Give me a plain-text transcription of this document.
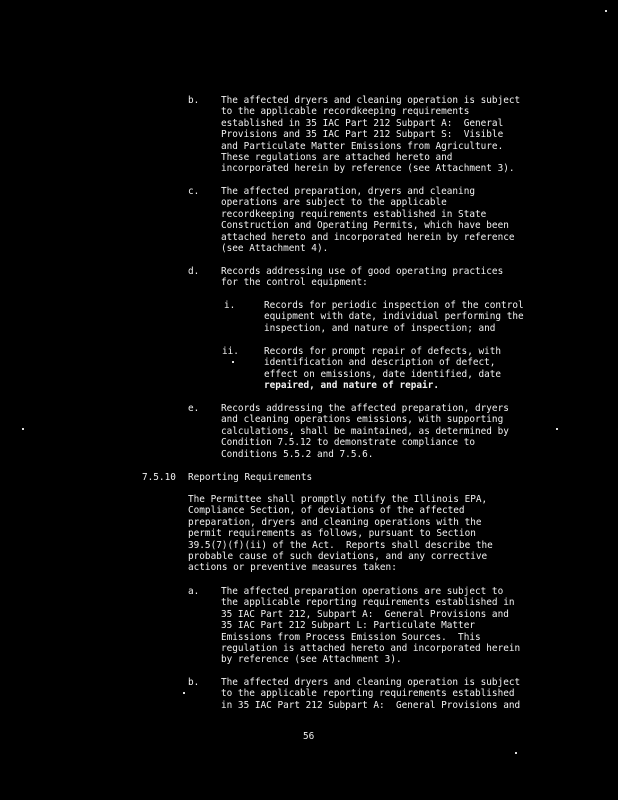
b. The affected dryers and cleaning operation is subject
to the applicable recordkeeping requirements
established in 35 IAC Part 212 Subpart A:  General
Provisions and 35 IAC Part 212 Subpart S:  Visible
and Particulate Matter Emissions from Agriculture.
These regulations are attached hereto and
incorporated herein by reference (see Attachment 3).
c. The affected preparation, dryers and cleaning
operations are subject to the applicable
recordkeeping requirements established in State
Construction and Operating Permits, which have been
attached hereto and incorporated herein by reference
(see Attachment 4).
d. Records addressing use of good operating practices
for the control equipment:
i.	Records for periodic inspection of the control
equipment with date, individual performing the
inspection, and nature of inspection; and
ii.	Records for prompt repair of defects, with
identification and description of defect,
effect on emissions, date identified, date
repaired, and nature of repair.
e. Records addressing the affected preparation, dryers
and cleaning operations emissions, with supporting
calculations, shall be maintained, as determined by
Condition 7.5.12 to demonstrate compliance to
Conditions 5.5.2 and 7.5.6.
7.5.10 Reporting Requirements
The Permittee shall promptly notify the Illinois EPA,
Compliance Section, of deviations of the affected
preparation, dryers and cleaning operations with the
permit requirements as follows, pursuant to Section
39.5(7)(f)(ii) of the Act.  Reports shall describe the
probable cause of such deviations, and any corrective
actions or preventive measures taken:
a. The affected preparation operations are subject to
the applicable reporting requirements established in
35 IAC Part 212, Subpart A:  General Provisions and
35 IAC Part 212 Subpart L: Particulate Matter
Emissions from Process Emission Sources.  This
regulation is attached hereto and incorporated herein
by reference (see Attachment 3).
b. The affected dryers and cleaning operation is subject
to the applicable reporting requirements established
in 35 IAC Part 212 Subpart A:  General Provisions and
56
